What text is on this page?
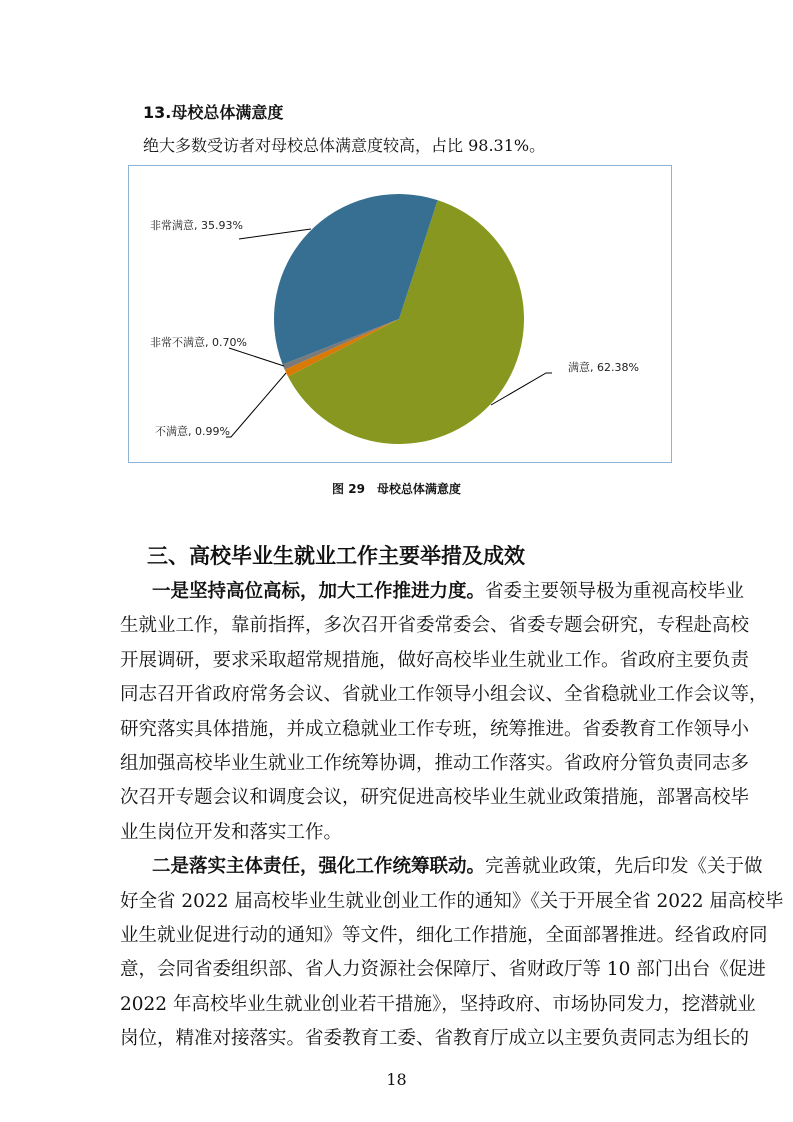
13.母校总体满意度
绝大多数受访者对母校总体满意度较高，占比 98.31%。
满意, 62.38%
不满意, 0.99%
非常不满意, 0.70%
非常满意, 35.93%
图 29　母校总体满意度
三、高校毕业生就业工作主要举措及成效
一是坚持高位高标，加大工作推进力度。省委主要领导极为重视高校毕业
生就业工作，靠前指挥，多次召开省委常委会、省委专题会研究，专程赴高校
开展调研，要求采取超常规措施，做好高校毕业生就业工作。省政府主要负责
同志召开省政府常务会议、省就业工作领导小组会议、全省稳就业工作会议等，
研究落实具体措施，并成立稳就业工作专班，统筹推进。省委教育工作领导小
组加强高校毕业生就业工作统筹协调，推动工作落实。省政府分管负责同志多
次召开专题会议和调度会议，研究促进高校毕业生就业政策措施，部署高校毕
业生岗位开发和落实工作。
二是落实主体责任，强化工作统筹联动。完善就业政策，先后印发《关于做
好全省 2022 届高校毕业生就业创业工作的通知》《关于开展全省 2022 届高校毕
业生就业促进行动的通知》等文件，细化工作措施，全面部署推进。经省政府同
意，会同省委组织部、省人力资源社会保障厅、省财政厅等 10 部门出台《促进
2022 年高校毕业生就业创业若干措施》，坚持政府、市场协同发力，挖潜就业
岗位，精准对接落实。省委教育工委、省教育厅成立以主要负责同志为组长的
18
